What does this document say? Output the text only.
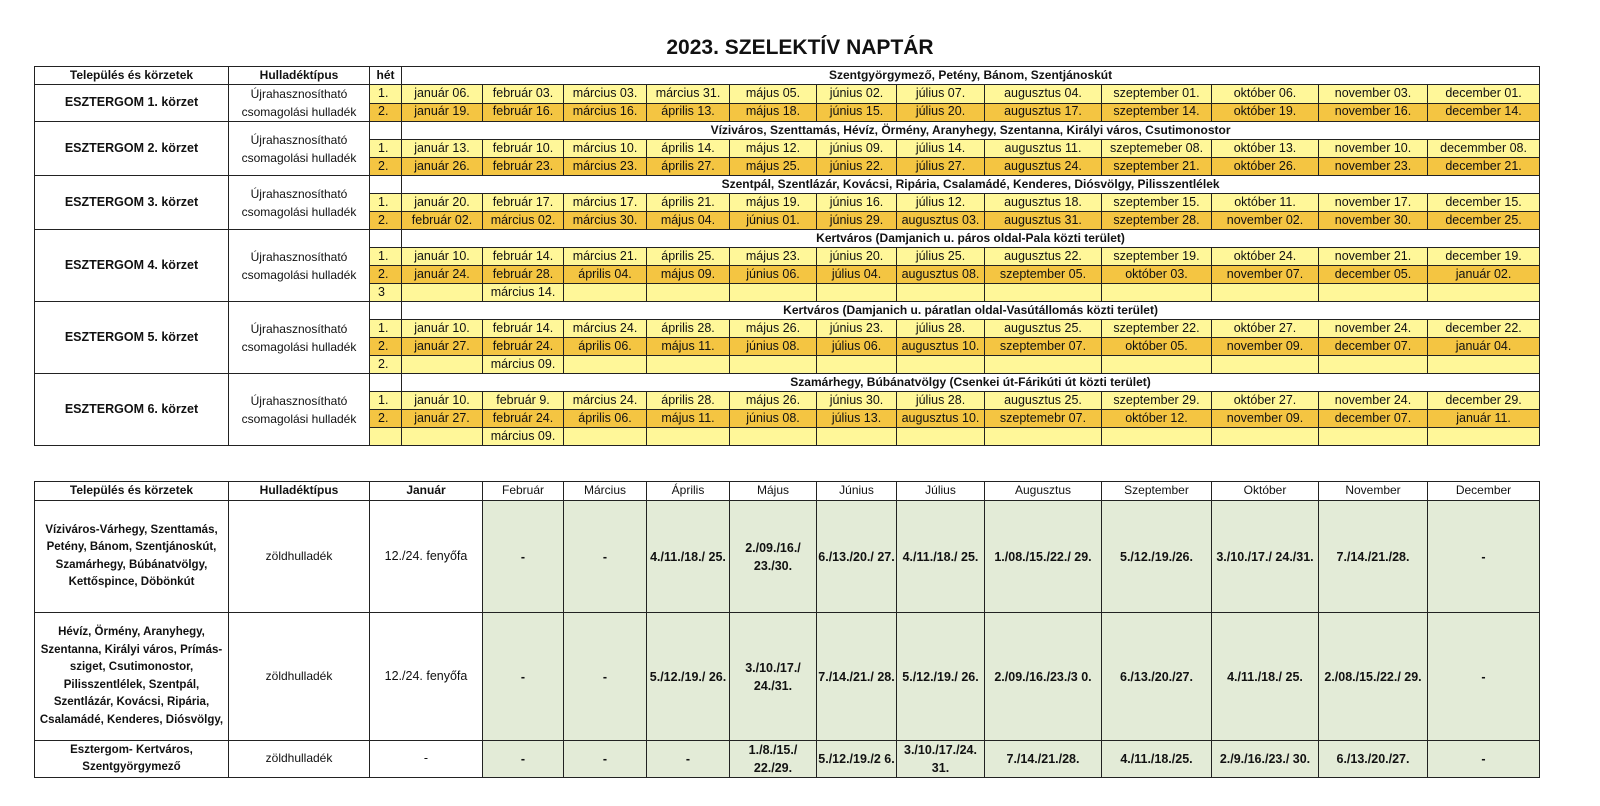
2023. SZELEKTÍV NAPTÁR
Település és körzetek	Hulladéktípus	hét	Szentgyörgymező, Petény, Bánom, Szentjánoskút											
ESZTERGOM 1. körzet	Újrahasznosítható csomagolási hulladék	1.	január 06.	február 03.	március 03.	március 31.	május 05.	június 02.	július 07.	augusztus 04.	szeptember 01.	október 06.	november 03.	december 01.
		2.	január 19.	február 16.	március 16.	április 13.	május 18.	június 15.	július 20.	augusztus 17.	szeptember 14.	október 19.	november 16.	december 14.
ESZTERGOM 2. körzet	Újrahasznosítható csomagolási hulladék		Víziváros, Szenttamás, Hévíz, Örmény, Aranyhegy, Szentanna, Királyi város, Csutimonostor											
		1.	január 13.	február 10.	március 10.	április 14.	május 12.	június 09.	július 14.	augusztus 11.	szeptemeber 08.	október 13.	november 10.	decemmber 08.
		2.	január 26.	február 23.	március 23.	április 27.	május 25.	június 22.	július 27.	augusztus 24.	szeptember 21.	október 26.	november 23.	december 21.
ESZTERGOM 3. körzet	Újrahasznosítható csomagolási hulladék		Szentpál, Szentlázár, Kovácsi, Ripária, Csalamádé, Kenderes, Diósvölgy, Pilisszentlélek											
		1.	január 20.	február 17.	március 17.	április 21.	május 19.	június 16.	július 12.	augusztus 18.	szeptember 15.	október 11.	november 17.	december 15.
		2.	február 02.	március 02.	március 30.	május 04.	június 01.	június 29.	augusztus 03.	augusztus 31.	szeptember 28.	november 02.	november 30.	december 25.
ESZTERGOM 4. körzet	Újrahasznosítható csomagolási hulladék		Kertváros (Damjanich u. páros oldal-Pala közti terület)											
		1.	január 10.	február 14.	március 21.	április 25.	május 23.	június 20.	július 25.	augusztus 22.	szeptember 19.	október 24.	november 21.	december 19.
		2.	január 24.	február 28.	április 04.	május 09.	június 06.	július 04.	augusztus 08.	szeptember 05.	október 03.	november 07.	december 05.	január 02.
		3		március 14.										
ESZTERGOM 5. körzet	Újrahasznosítható csomagolási hulladék		Kertváros (Damjanich u. páratlan oldal-Vasútállomás közti terület)											
		1.	január 10.	február 14.	március 24.	április 28.	május 26.	június 23.	július 28.	augusztus 25.	szeptember 22.	október 27.	november 24.	december 22.
		2.	január 27.	február 24.	április 06.	május 11.	június 08.	július 06.	augusztus 10.	szeptember 07.	október 05.	november 09.	december 07.	január 04.
		2.		március 09.										
ESZTERGOM 6. körzet	Újrahasznosítható csomagolási hulladék		Szamárhegy, Búbánatvölgy (Csenkei út-Fárikúti út közti terület)											
		1.	január 10.	február 9.	március 24.	április 28.	május 26.	június 30.	július 28.	augusztus 25.	szeptember 29.	október 27.	november 24.	december 29.
		2.	január 27.	február 24.	április 06.	május 11.	június 08.	július 13.	augusztus 10.	szeptemebr 07.	október 12.	november 09.	december 07.	január 11.
				március 09.										
Település és körzetek	Hulladéktípus	Január	Február	Március	Április	Május	Június	Július	Augusztus	Szeptember	Október	November	December
Víziváros-Várhegy, Szenttamás, Petény, Bánom, Szentjánoskút, Szamárhegy, Búbánatvölgy, Kettőspince, Döbönkút	zöldhulladék	12./24. fenyőfa	-	-	4./11./18./ 25.	2./09./16./ 23./30.	6./13./20./ 27.	4./11./18./ 25.	1./08./15./22./ 29.	5./12./19./26.	3./10./17./ 24./31.	7./14./21./28.	-
Hévíz, Örmény, Aranyhegy, Szentanna, Királyi város, Prímás-sziget, Csutimonostor, Pilisszentlélek, Szentpál, Szentlázár, Kovácsi, Ripária, Csalamádé, Kenderes, Diósvölgy,	zöldhulladék	12./24. fenyőfa	-	-	5./12./19./ 26.	3./10./17./ 24./31.	7./14./21./ 28.	5./12./19./ 26.	2./09./16./23./3 0.	6./13./20./27.	4./11./18./ 25.	2./08./15./22./ 29.	-
Esztergom- Kertváros, Szentgyörgymező	zöldhulladék	-	-	-	-	1./8./15./ 22./29.	5./12./19./2 6.	3./10./17./24. 31.	7./14./21./28.	4./11./18./25.	2./9./16./23./ 30.	6./13./20./27.	-
